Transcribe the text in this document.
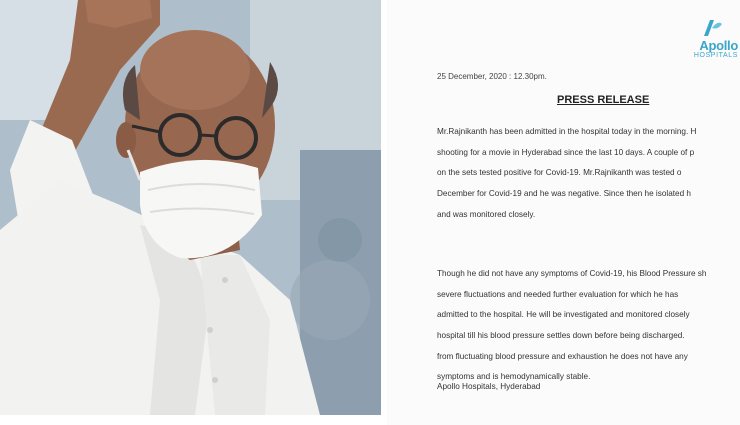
Apollo
HOSPITALS
25 December, 2020 : 12.30pm.
PRESS RELEASE
Mr.Rajnikanth has been admitted in the hospital today in the morning. H
shooting for a movie in Hyderabad since the last 10 days. A couple of p
on the sets tested positive for Covid-19. Mr.Rajnikanth was tested o
December for Covid-19 and he was negative. Since then he isolated h
and was monitored closely.
Though he did not have any symptoms of Covid-19, his Blood Pressure sh
severe fluctuations and needed further evaluation for which he has
admitted to the hospital. He will be investigated and monitored closely
hospital till his blood pressure settles down before being discharged.
from fluctuating blood pressure and exhaustion he does not have any
symptoms and is hemodynamically stable.
Apollo Hospitals, Hyderabad
